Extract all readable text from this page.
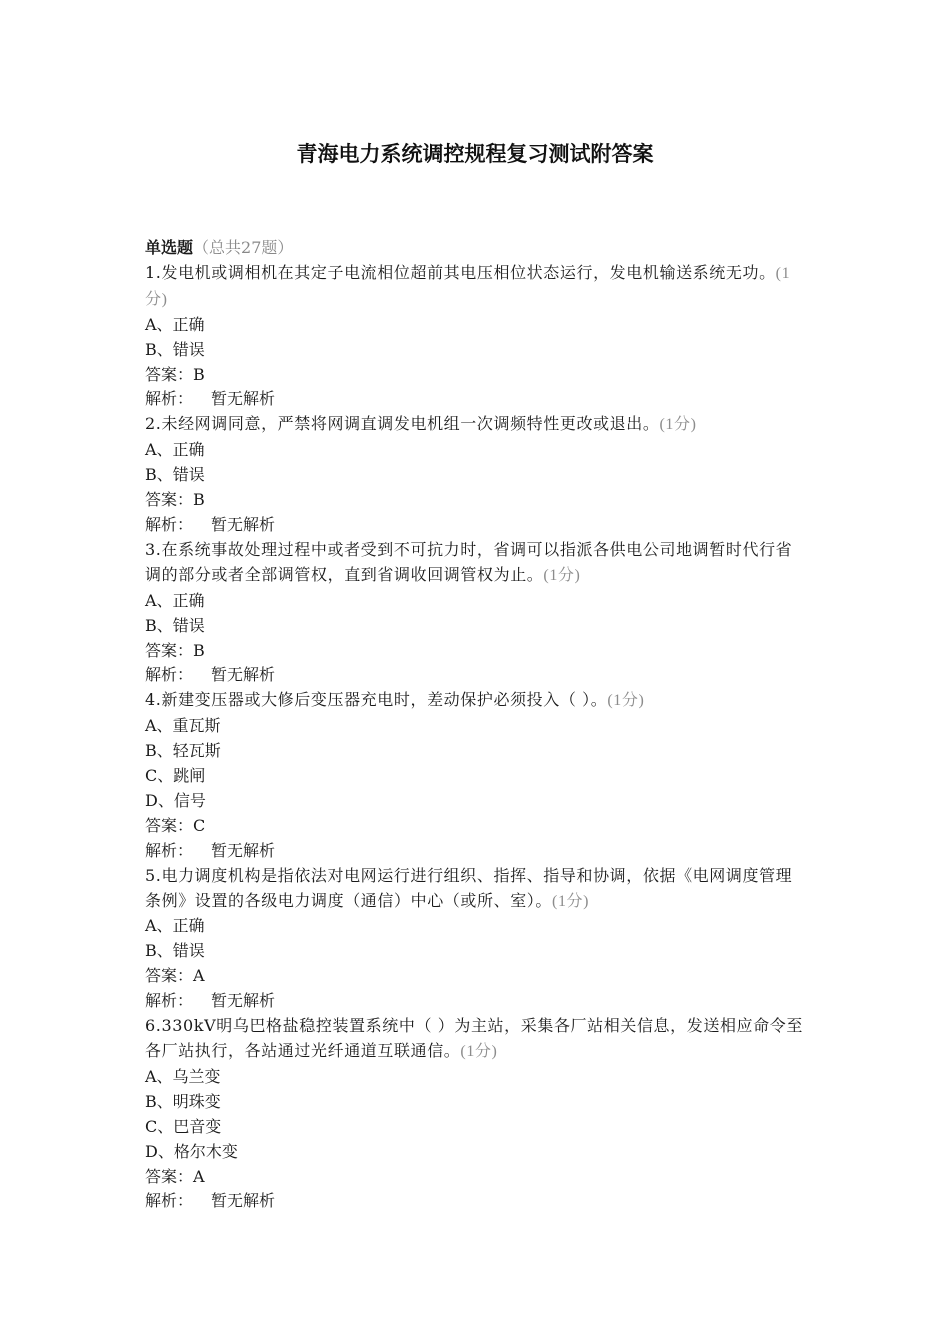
青海电力系统调控规程复习测试附答案
单选题（总共27题）
1.发电机或调相机在其定子电流相位超前其电压相位状态运行，发电机输送系统无功。(1分)
A、正确
B、错误
答案：B
解析： 暂无解析
2.未经网调同意，严禁将网调直调发电机组一次调频特性更改或退出。(1分)
A、正确
B、错误
答案：B
解析： 暂无解析
3.在系统事故处理过程中或者受到不可抗力时，省调可以指派各供电公司地调暂时代行省调的部分或者全部调管权，直到省调收回调管权为止。(1分)
A、正确
B、错误
答案：B
解析： 暂无解析
4.新建变压器或大修后变压器充电时，差动保护必须投入（ ）。(1分)
A、重瓦斯
B、轻瓦斯
C、跳闸
D、信号
答案：C
解析： 暂无解析
5.电力调度机构是指依法对电网运行进行组织、指挥、指导和协调，依据《电网调度管理条例》设置的各级电力调度（通信）中心（或所、室）。(1分)
A、正确
B、错误
答案：A
解析： 暂无解析
6.330kV明乌巴格盐稳控装置系统中（ ）为主站，采集各厂站相关信息，发送相应命令至各厂站执行，各站通过光纤通道互联通信。(1分)
A、乌兰变
B、明珠变
C、巴音变
D、格尔木变
答案：A
解析： 暂无解析
